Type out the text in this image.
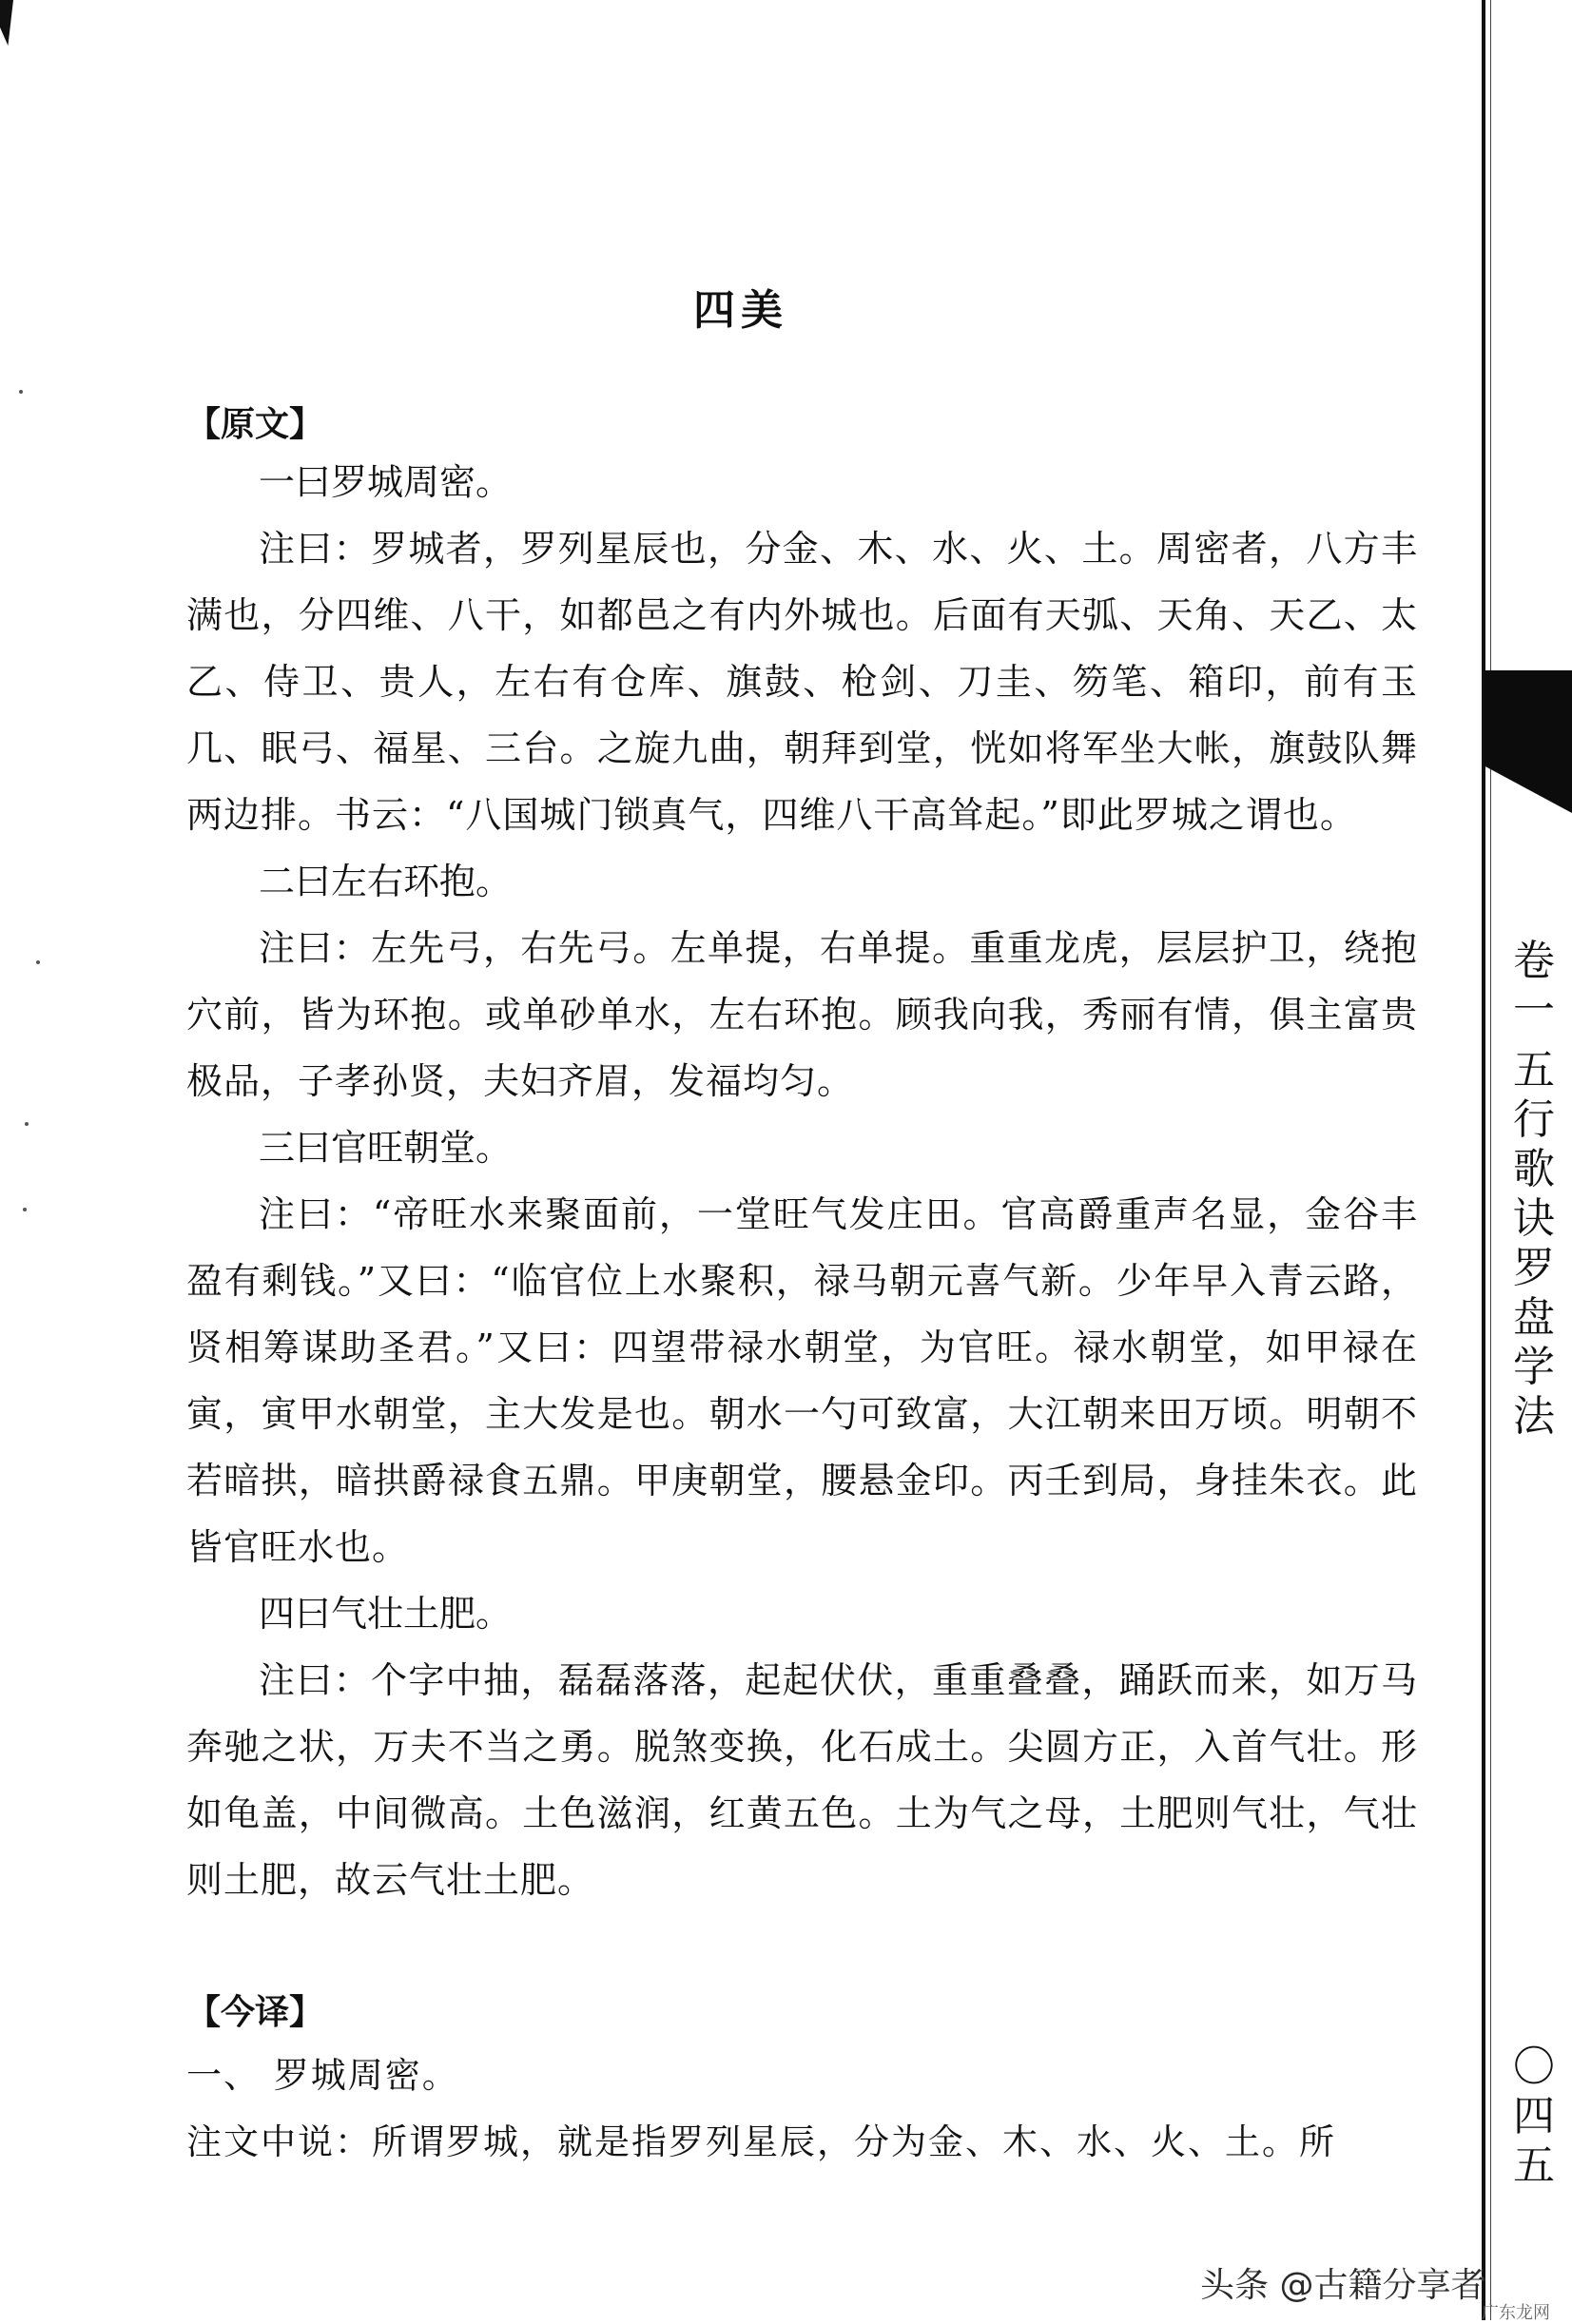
卷一
五行歌诀罗盘学法
〇四五
四美

【原文】

一曰罗城周密。

注曰：罗城者，罗列星辰也，分金、木、水、火、土。周密者，八方丰满也，分四维、八干，如都邑之有内外城也。后面有天弧、天角、天乙、太乙、侍卫、贵人，左右有仓库、旗鼓、枪剑、刀圭、笏笔、箱印，前有玉几、眠弓、福星、三台。之旋九曲，朝拜到堂，恍如将军坐大帐，旗鼓队舞两边排。书云：“八国城门锁真气，四维八干高耸起。”即此罗城之谓也。

二曰左右环抱。

注曰：左先弓，右先弓。左单提，右单提。重重龙虎，层层护卫，绕抱穴前，皆为环抱。或单砂单水，左右环抱。顾我向我，秀丽有情，俱主富贵极品，子孝孙贤，夫妇齐眉，发福均匀。

三曰官旺朝堂。

注曰：“帝旺水来聚面前，一堂旺气发庄田。官高爵重声名显，金谷丰盈有剩钱。”又曰：“临官位上水聚积，禄马朝元喜气新。少年早入青云路，贤相筹谋助圣君。”又曰：四望带禄水朝堂，为官旺。禄水朝堂，如甲禄在寅，寅甲水朝堂，主大发是也。朝水一勺可致富，大江朝来田万顷。明朝不若暗拱，暗拱爵禄食五鼎。甲庚朝堂，腰悬金印。丙壬到局，身挂朱衣。此皆官旺水也。

四曰气壮土肥。

注曰：个字中抽，磊磊落落，起起伏伏，重重叠叠，踊跃而来，如万马奔驰之状，万夫不当之勇。脱煞变换，化石成土。尖圆方正，入首气壮。形如龟盖，中间微高。土色滋润，红黄五色。土为气之母，土肥则气壮，气壮则土肥，故云气壮土肥。

【今译】

一、 罗城周密。

注文中说：所谓罗城，就是指罗列星辰，分为金、木、水、火、土。所

头条 @古籍分享者
广东龙网
